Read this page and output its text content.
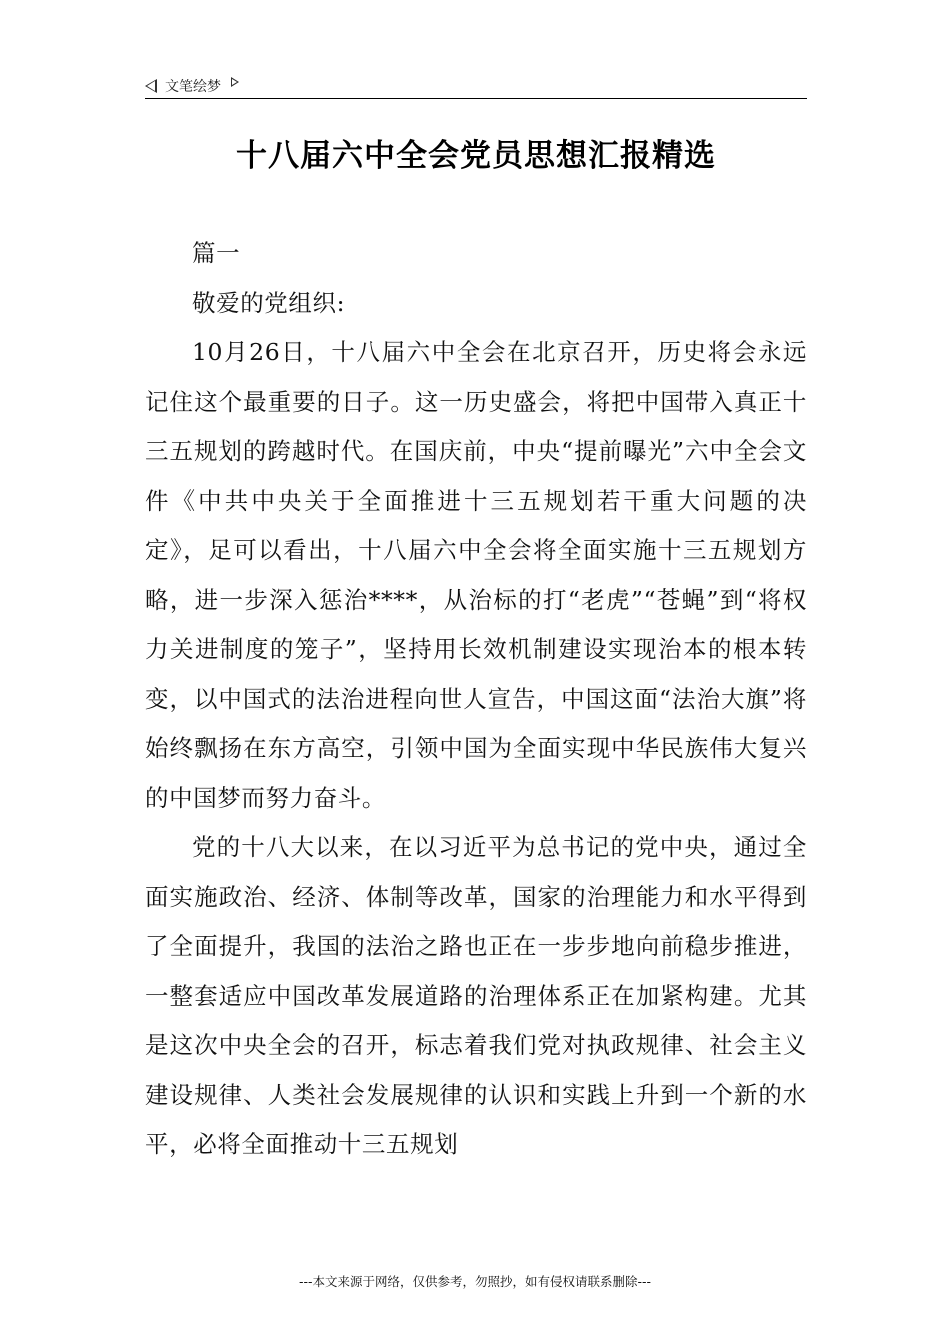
文笔绘梦
十八届六中全会党员思想汇报精选

篇一

敬爱的党组织:

10月26日，十八届六中全会在北京召开，历史将会永远记住这个最重要的日子。这一历史盛会，将把中国带入真正十三五规划的跨越时代。在国庆前，中央“提前曝光”六中全会文件《中共中央关于全面推进十三五规划若干重大问题的决定》，足可以看出，十八届六中全会将全面实施十三五规划方略，进一步深入惩治****，从治标的打“老虎”“苍蝇”到“将权力关进制度的笼子”，坚持用长效机制建设实现治本的根本转变，以中国式的法治进程向世人宣告，中国这面“法治大旗”将始终飘扬在东方高空，引领中国为全面实现中华民族伟大复兴的中国梦而努力奋斗。

党的十八大以来，在以习近平为总书记的党中央，通过全面实施政治、经济、体制等改革，国家的治理能力和水平得到了全面提升，我国的法治之路也正在一步步地向前稳步推进，一整套适应中国改革发展道路的治理体系正在加紧构建。尤其是这次中央全会的召开，标志着我们党对执政规律、社会主义建设规律、人类社会发展规律的认识和实践上升到一个新的水平，必将全面推动十三五规划

---本文来源于网络，仅供参考，勿照抄，如有侵权请联系删除---
